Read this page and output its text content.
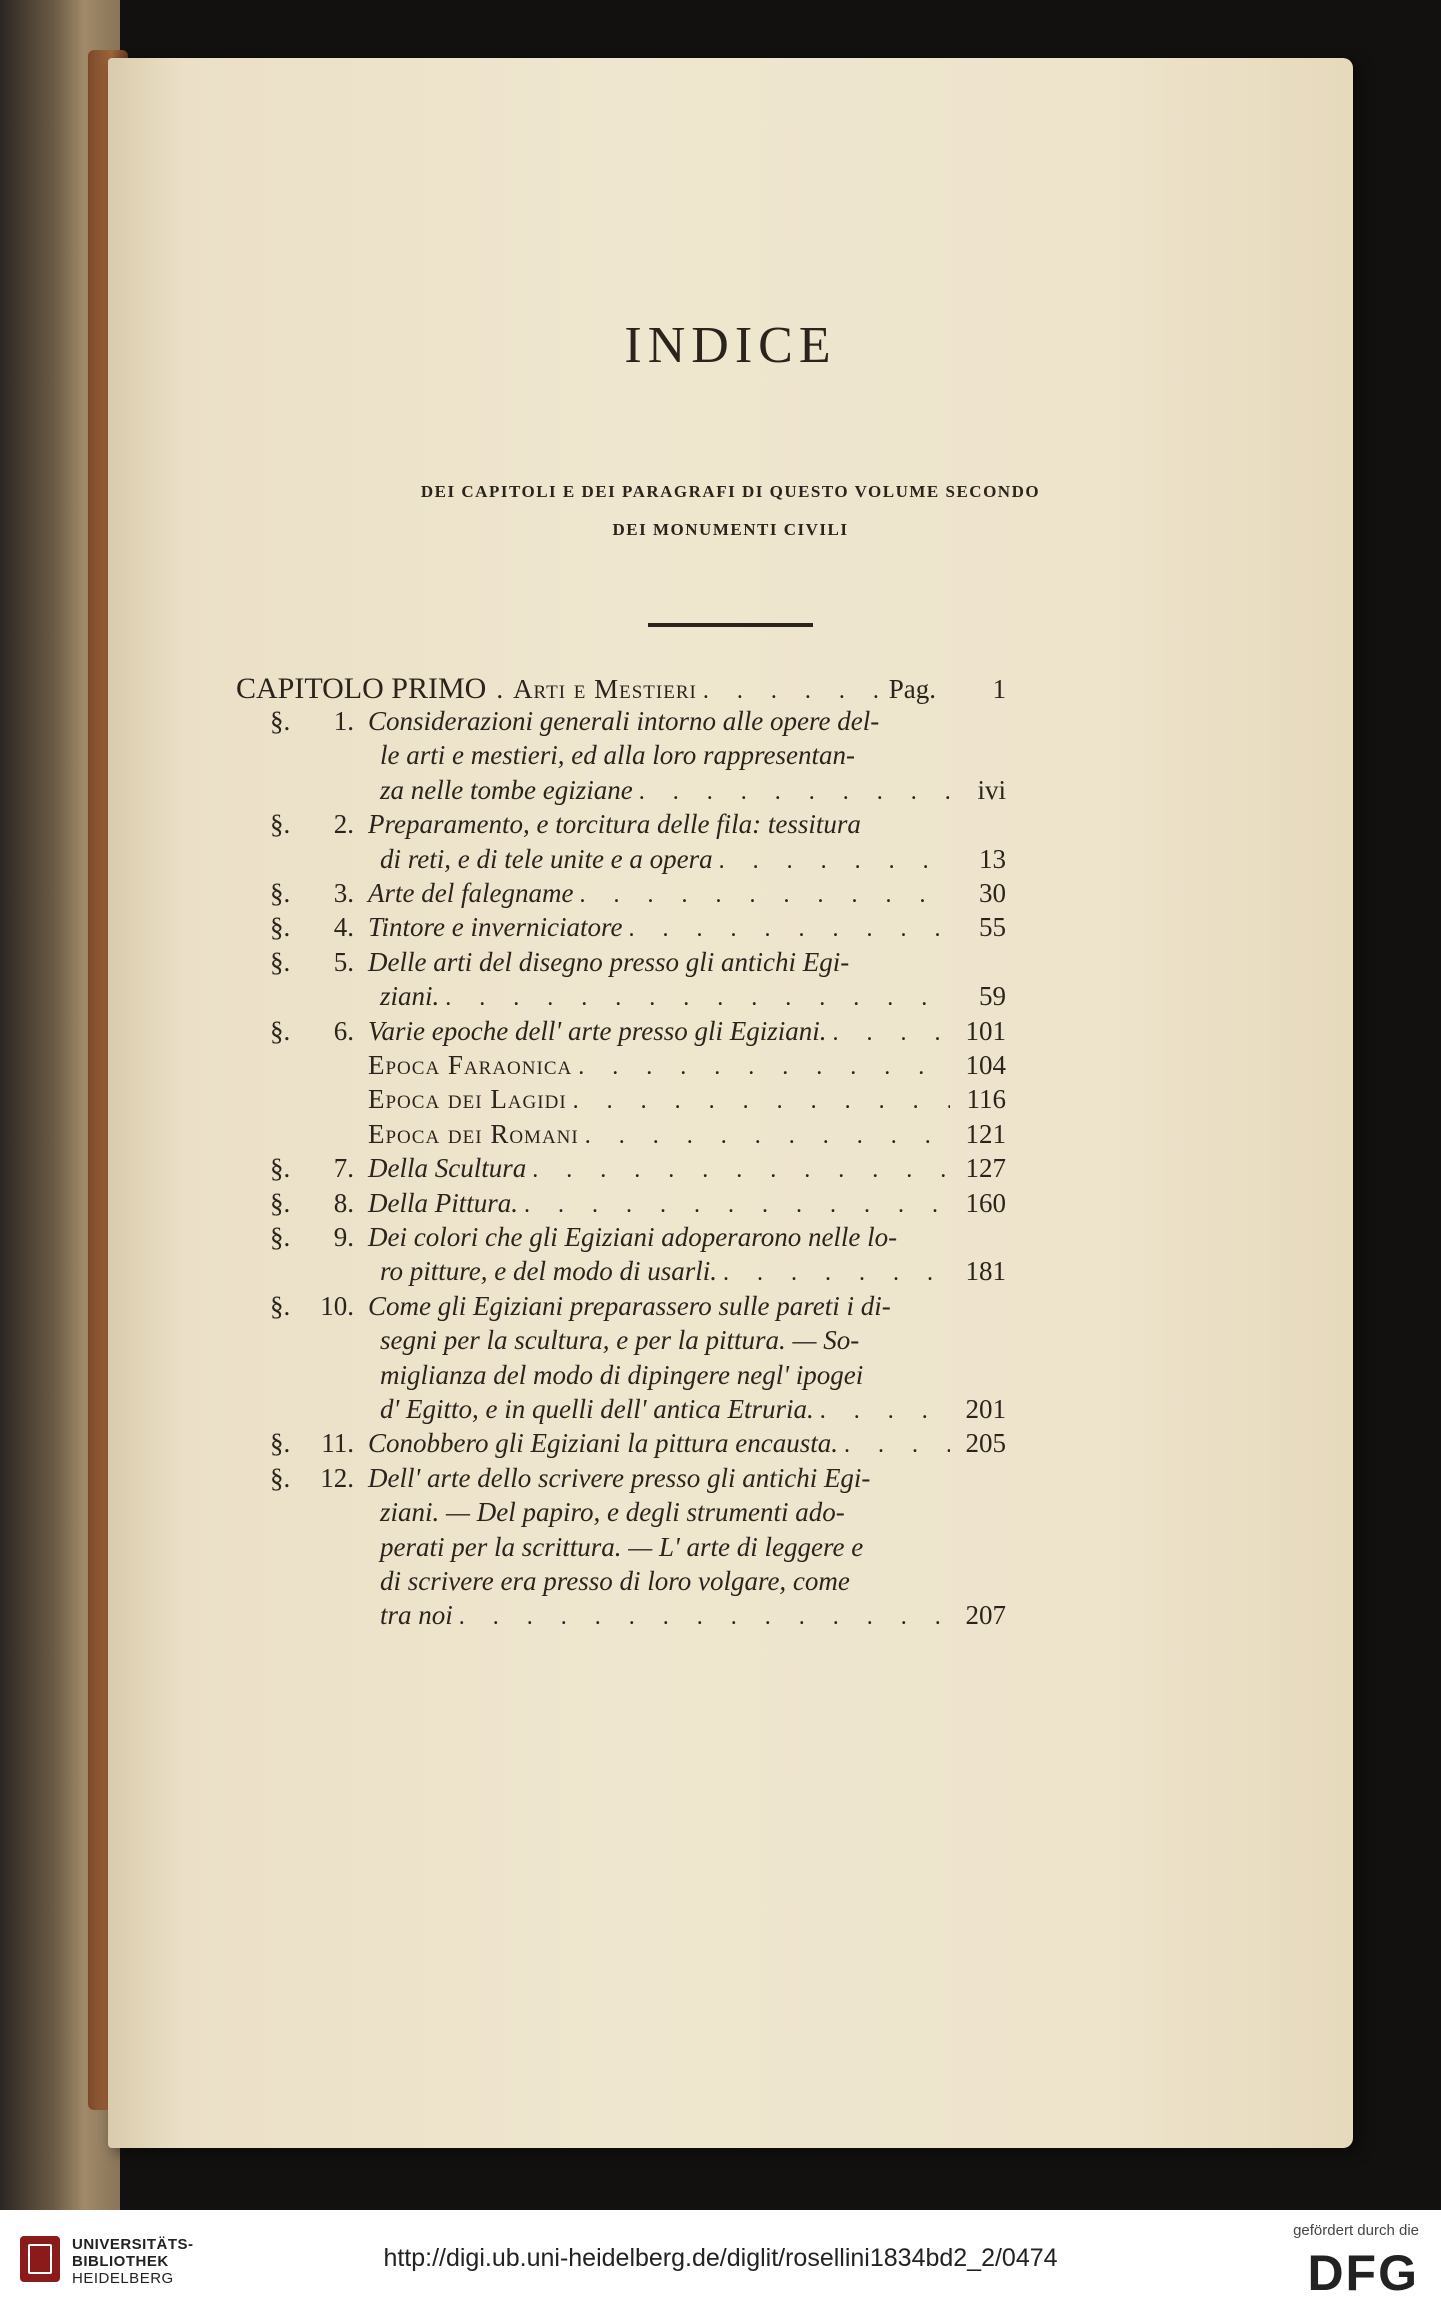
INDICE
DEI CAPITOLI E DEI PARAGRAFI DI QUESTO VOLUME SECONDO
DEI MONUMENTI CIVILI
CAPITOLO PRIMO . Arti e Mestieri . . .	Pag.	1
§.	1. Considerazioni generali intorno alle opere del-
le arti e mestieri, ed alla loro rappresentan-
za nelle tombe egiziane . . .	ivi
§.	2. Preparamento, e torcitura delle fila: tessitura
di reti, e di tele unite e a opera . . .	13
§.	3. Arte del falegname . . .	30
§.	4. Tintore e inverniciatore . . .	55
§.	5. Delle arti del disegno presso gli antichi Egi-
ziani. . . .	59
§.	6. Varie epoche dell' arte presso gli Egiziani. . . .	101
Epoca Faraonica . . .	104
Epoca dei Lagidi . . .	116
Epoca dei Romani . . .	121
§.	7. Della Scultura . . .	127
§.	8. Della Pittura. . . .	160
§.	9. Dei colori che gli Egiziani adoperarono nelle lo-
ro pitture, e del modo di usarli. . . .	181
§.	10. Come gli Egiziani preparassero sulle pareti i di-
segni per la scultura, e per la pittura. — So-
miglianza del modo di dipingere negl' ipogei
d' Egitto, e in quelli dell' antica Etruria. . . .	201
§.	11. Conobbero gli Egiziani la pittura encausta. . . .	205
§.	12. Dell' arte dello scrivere presso gli antichi Egi-
ziani. — Del papiro, e degli strumenti ado-
perati per la scrittura. — L' arte di leggere e
di scrivere era presso di loro volgare, come
tra noi . . .	207
UNIVERSITÄTS-
BIBLIOTHEK
HEIDELBERG
http://digi.ub.uni-heidelberg.de/diglit/rosellini1834bd2_2/0474
gefördert durch die
DFG
